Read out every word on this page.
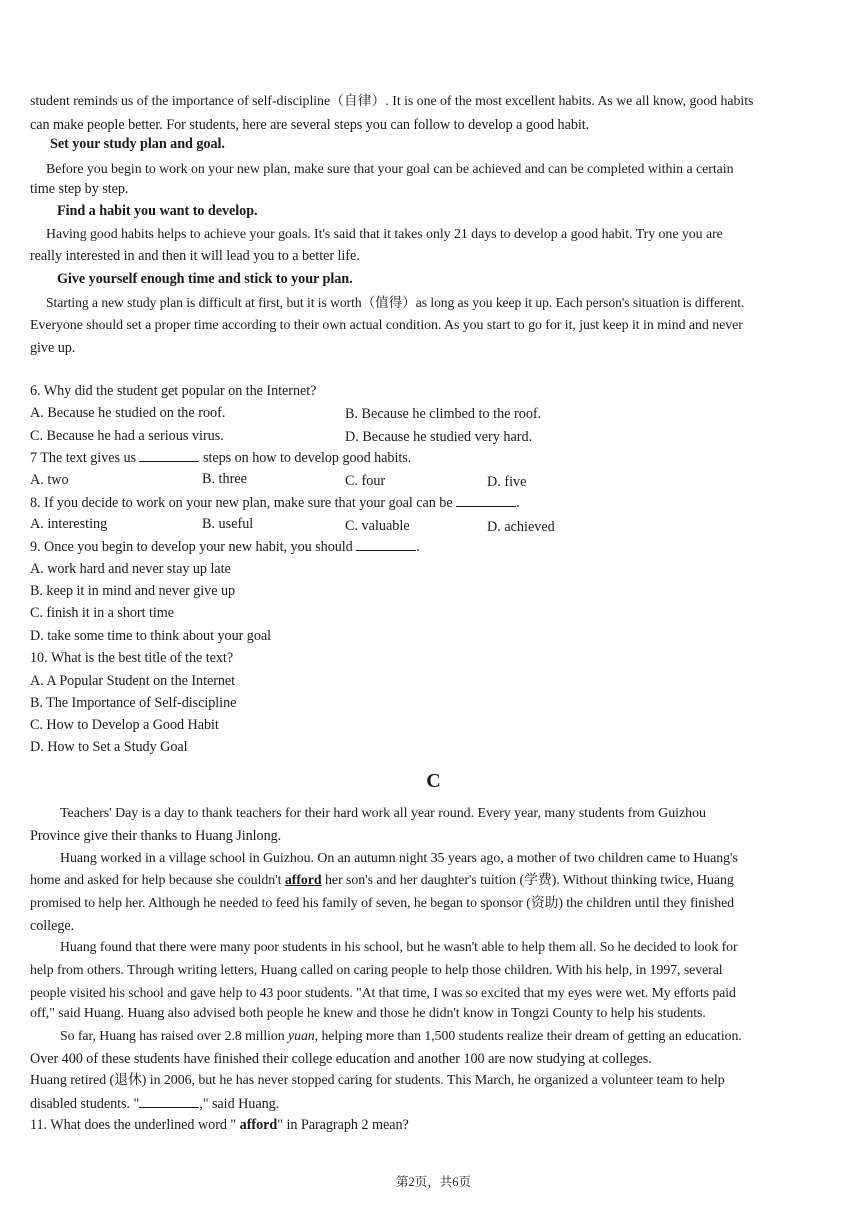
student reminds us of the importance of self-discipline（自律）. It is one of the most excellent habits. As we all know, good habits
can make people better. For students, here are several steps you can follow to develop a good habit.
Set your study plan and goal.
Before you begin to work on your new plan, make sure that your goal can be achieved and can be completed within a certain
time step by step.
Find a habit you want to develop.
Having good habits helps to achieve your goals. It's said that it takes only 21 days to develop a good habit. Try one you are
really interested in and then it will lead you to a better life.
Give yourself enough time and stick to your plan.
Starting a new study plan is difficult at first, but it is worth（值得）as long as you keep it up. Each person's situation is different.
Everyone should set a proper time according to their own actual condition. As you start to go for it, just keep it in mind and never
give up.
6. Why did the student get popular on the Internet?
A. Because he studied on the roof.	B. Because he climbed to the roof.
C. Because he had a serious virus.	D. Because he studied very hard.
7 The text gives us	steps on how to develop good habits.
A. two	B. three	C. four	D. five
8. If you decide to work on your new plan, make sure that your goal can be	.
A. interesting	B. useful	C. valuable	D. achieved
9. Once you begin to develop your new habit, you should	.
A. work hard and never stay up late
B. keep it in mind and never give up
C. finish it in a short time
D. take some time to think about your goal
10. What is the best title of the text?
A. A Popular Student on the Internet
B. The Importance of Self-discipline
C. How to Develop a Good Habit
D. How to Set a Study Goal
C
Teachers' Day is a day to thank teachers for their hard work all year round. Every year, many students from Guizhou
Province give their thanks to Huang Jinlong.
Huang worked in a village school in Guizhou. On an autumn night 35 years ago, a mother of two children came to Huang's
home and asked for help because she couldn't afford her son's and her daughter's tuition (学费). Without thinking twice, Huang
promised to help her. Although he needed to feed his family of seven, he began to sponsor (资助) the children until they finished
college.
Huang found that there were many poor students in his school, but he wasn't able to help them all. So he decided to look for
help from others. Through writing letters, Huang called on caring people to help those children. With his help, in 1997, several
people visited his school and gave help to 43 poor students. "At that time, I was so excited that my eyes were wet. My efforts paid
off," said Huang. Huang also advised both people he knew and those he didn't know in Tongzi County to help his students.
So far, Huang has raised over 2.8 million yuan, helping more than 1,500 students realize their dream of getting an education.
Over 400 of these students have finished their college education and another 100 are now studying at colleges.
Huang retired (退休) in 2006, but he has never stopped caring for students. This March, he organized a volunteer team to help
disabled students. "	," said Huang.
11. What does the underlined word " afford" in Paragraph 2 mean?
第2页，共6页
